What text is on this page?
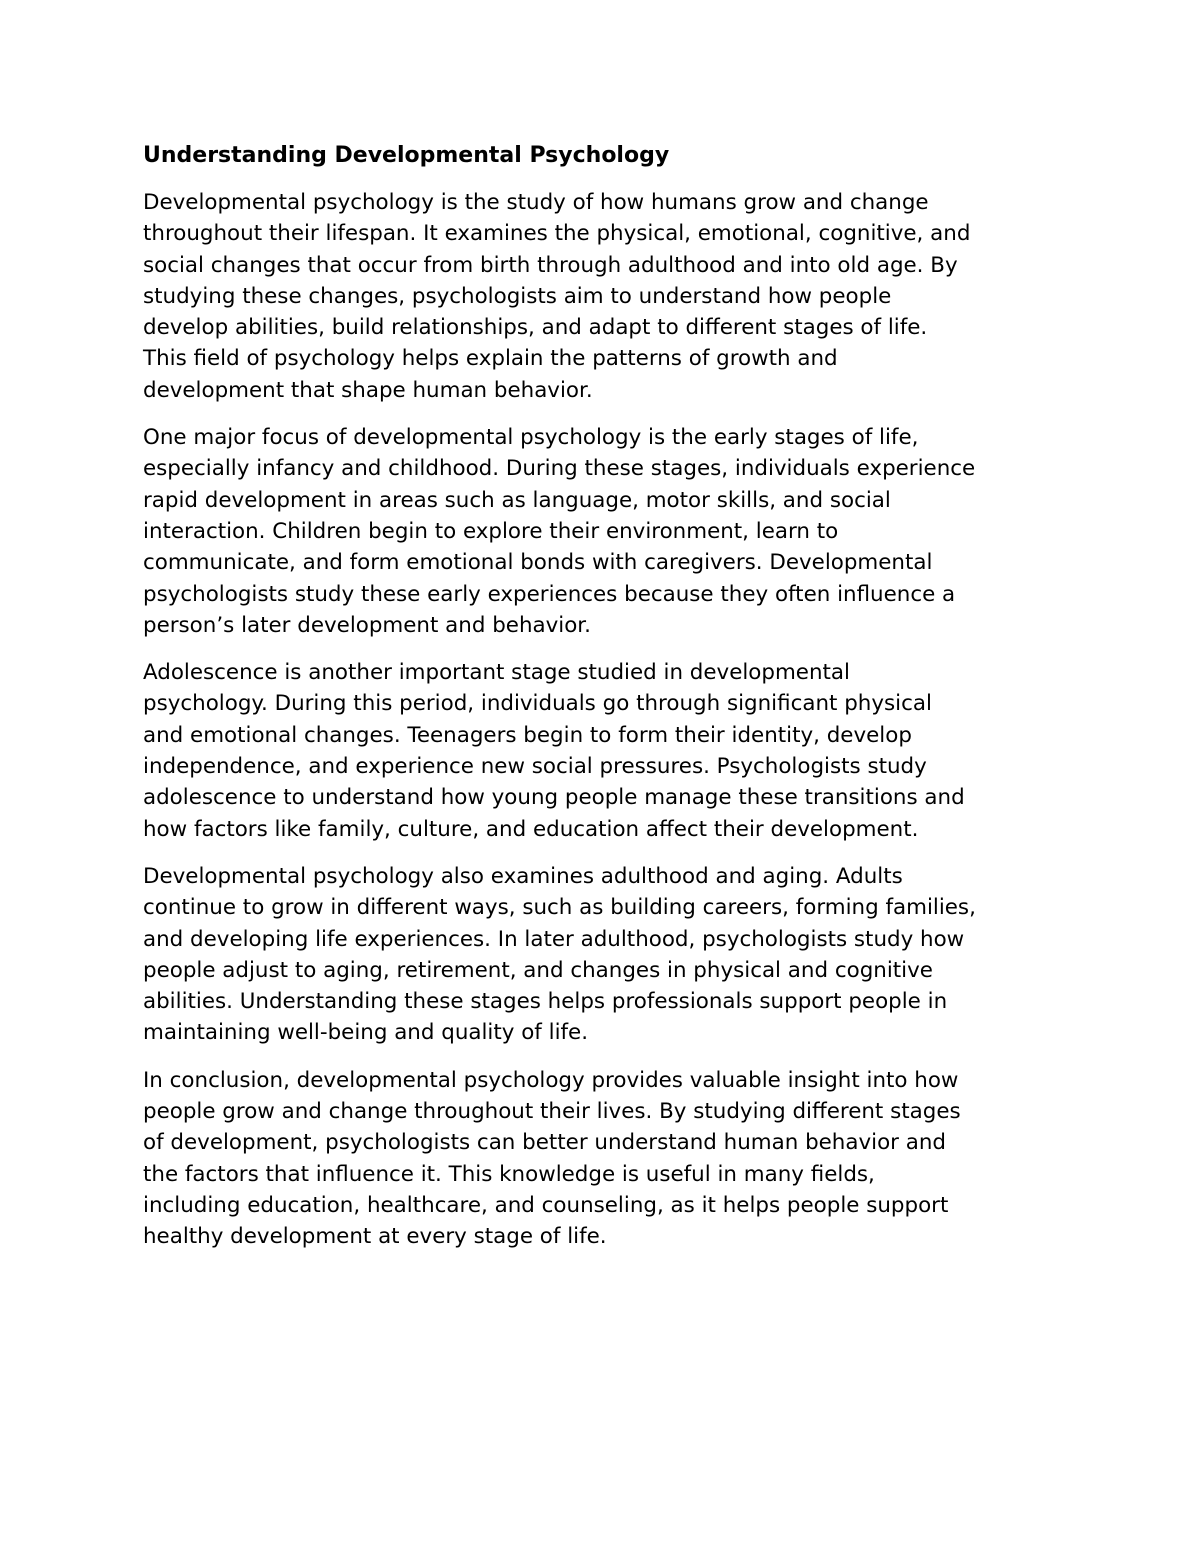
Understanding Developmental Psychology

Developmental psychology is the study of how humans grow and change
throughout their lifespan. It examines the physical, emotional, cognitive, and
social changes that occur from birth through adulthood and into old age. By
studying these changes, psychologists aim to understand how people
develop abilities, build relationships, and adapt to different stages of life.
This field of psychology helps explain the patterns of growth and
development that shape human behavior.

One major focus of developmental psychology is the early stages of life,
especially infancy and childhood. During these stages, individuals experience
rapid development in areas such as language, motor skills, and social
interaction. Children begin to explore their environment, learn to
communicate, and form emotional bonds with caregivers. Developmental
psychologists study these early experiences because they often influence a
person’s later development and behavior.

Adolescence is another important stage studied in developmental
psychology. During this period, individuals go through significant physical
and emotional changes. Teenagers begin to form their identity, develop
independence, and experience new social pressures. Psychologists study
adolescence to understand how young people manage these transitions and
how factors like family, culture, and education affect their development.

Developmental psychology also examines adulthood and aging. Adults
continue to grow in different ways, such as building careers, forming families,
and developing life experiences. In later adulthood, psychologists study how
people adjust to aging, retirement, and changes in physical and cognitive
abilities. Understanding these stages helps professionals support people in
maintaining well-being and quality of life.

In conclusion, developmental psychology provides valuable insight into how
people grow and change throughout their lives. By studying different stages
of development, psychologists can better understand human behavior and
the factors that influence it. This knowledge is useful in many fields,
including education, healthcare, and counseling, as it helps people support
healthy development at every stage of life.
